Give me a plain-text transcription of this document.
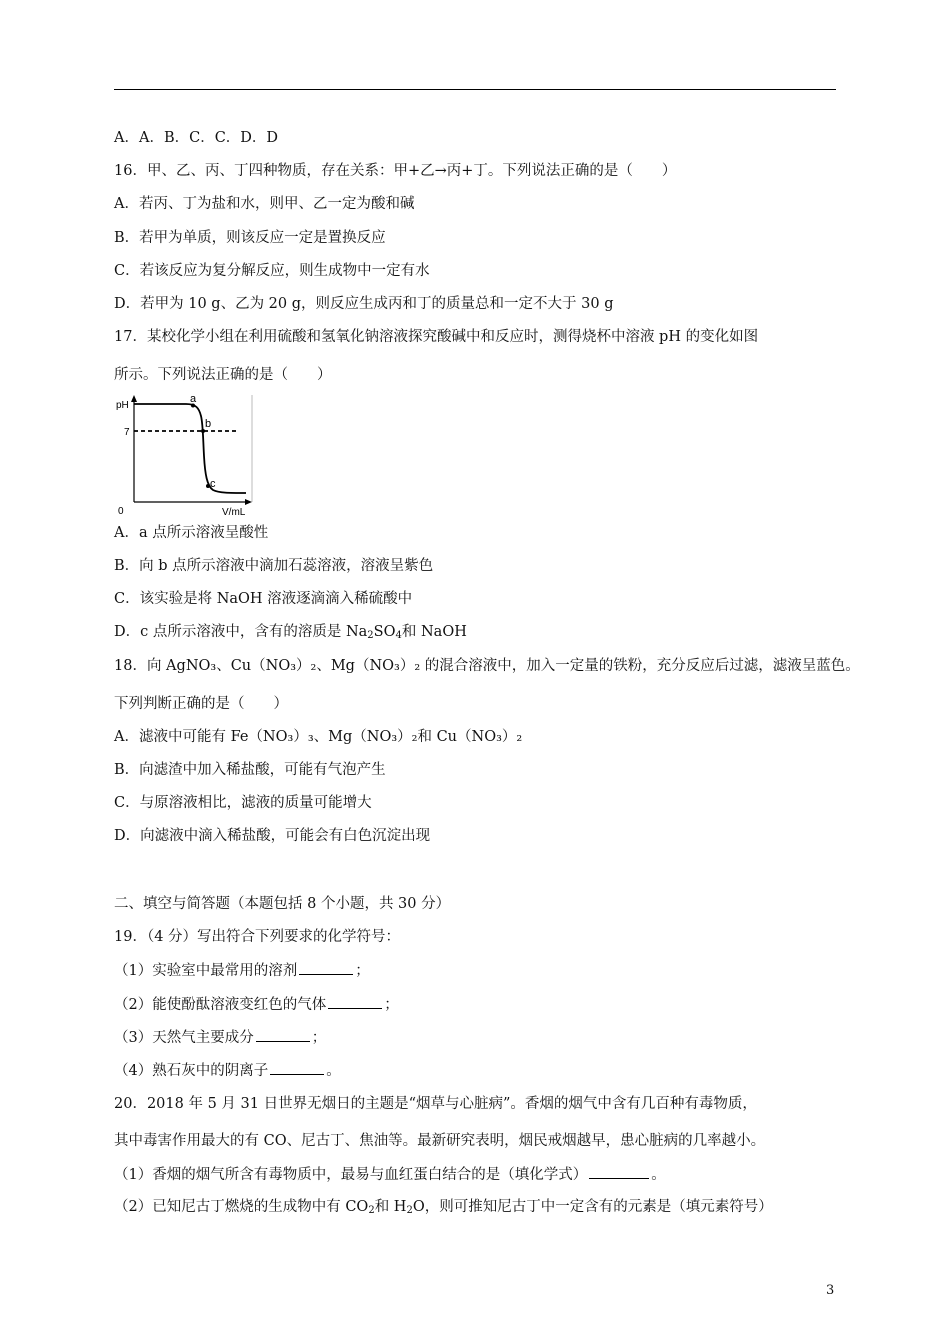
A．A．B．C．C．D．D
16．甲、乙、丙、丁四种物质，存在关系：甲+乙→丙+丁。下列说法正确的是（　　）
A．若丙、丁为盐和水，则甲、乙一定为酸和碱
B．若甲为单质，则该反应一定是置换反应
C．若该反应为复分解反应，则生成物中一定有水
D．若甲为 10 g、乙为 20 g，则反应生成丙和丁的质量总和一定不大于 30 g
17．某校化学小组在利用硫酸和氢氧化钠溶液探究酸碱中和反应时，测得烧杯中溶液 pH 的变化如图
所示。下列说法正确的是（　　）
pH
7
0	V/mL
a
b
c
A．a 点所示溶液呈酸性
B．向 b 点所示溶液中滴加石蕊溶液，溶液呈紫色
C．该实验是将 NaOH 溶液逐滴滴入稀硫酸中
D．c 点所示溶液中，含有的溶质是 $Na_2SO_4$和 NaOH
18．向 AgNO₃、Cu（NO₃）₂、Mg（NO₃）₂ 的混合溶液中，加入一定量的铁粉，充分反应后过滤，滤液呈蓝色。
下列判断正确的是（　　）
A．滤液中可能有 Fe（NO₃）₃、Mg（NO₃）₂和 Cu（NO₃）₂
B．向滤渣中加入稀盐酸，可能有气泡产生
C．与原溶液相比，滤液的质量可能增大
D．向滤液中滴入稀盐酸，可能会有白色沉淀出现
二、填空与简答题（本题包括 8 个小题，共 30 分）
19．（4 分）写出符合下列要求的化学符号：
（1）实验室中最常用的溶剂	；
（2）能使酚酞溶液变红色的气体	；
（3）天然气主要成分	；
（4）熟石灰中的阴离子	。
20．2018 年 5 月 31 日世界无烟日的主题是“烟草与心脏病”。香烟的烟气中含有几百种有毒物质，
其中毒害作用最大的有 CO、尼古丁、焦油等。最新研究表明，烟民戒烟越早，患心脏病的几率越小。
（1）香烟的烟气所含有毒物质中，最易与血红蛋白结合的是（填化学式）	。
（2）已知尼古丁燃烧的生成物中有 $CO_2$和 $H_2O$，则可推知尼古丁中一定含有的元素是（填元素符号）
3
